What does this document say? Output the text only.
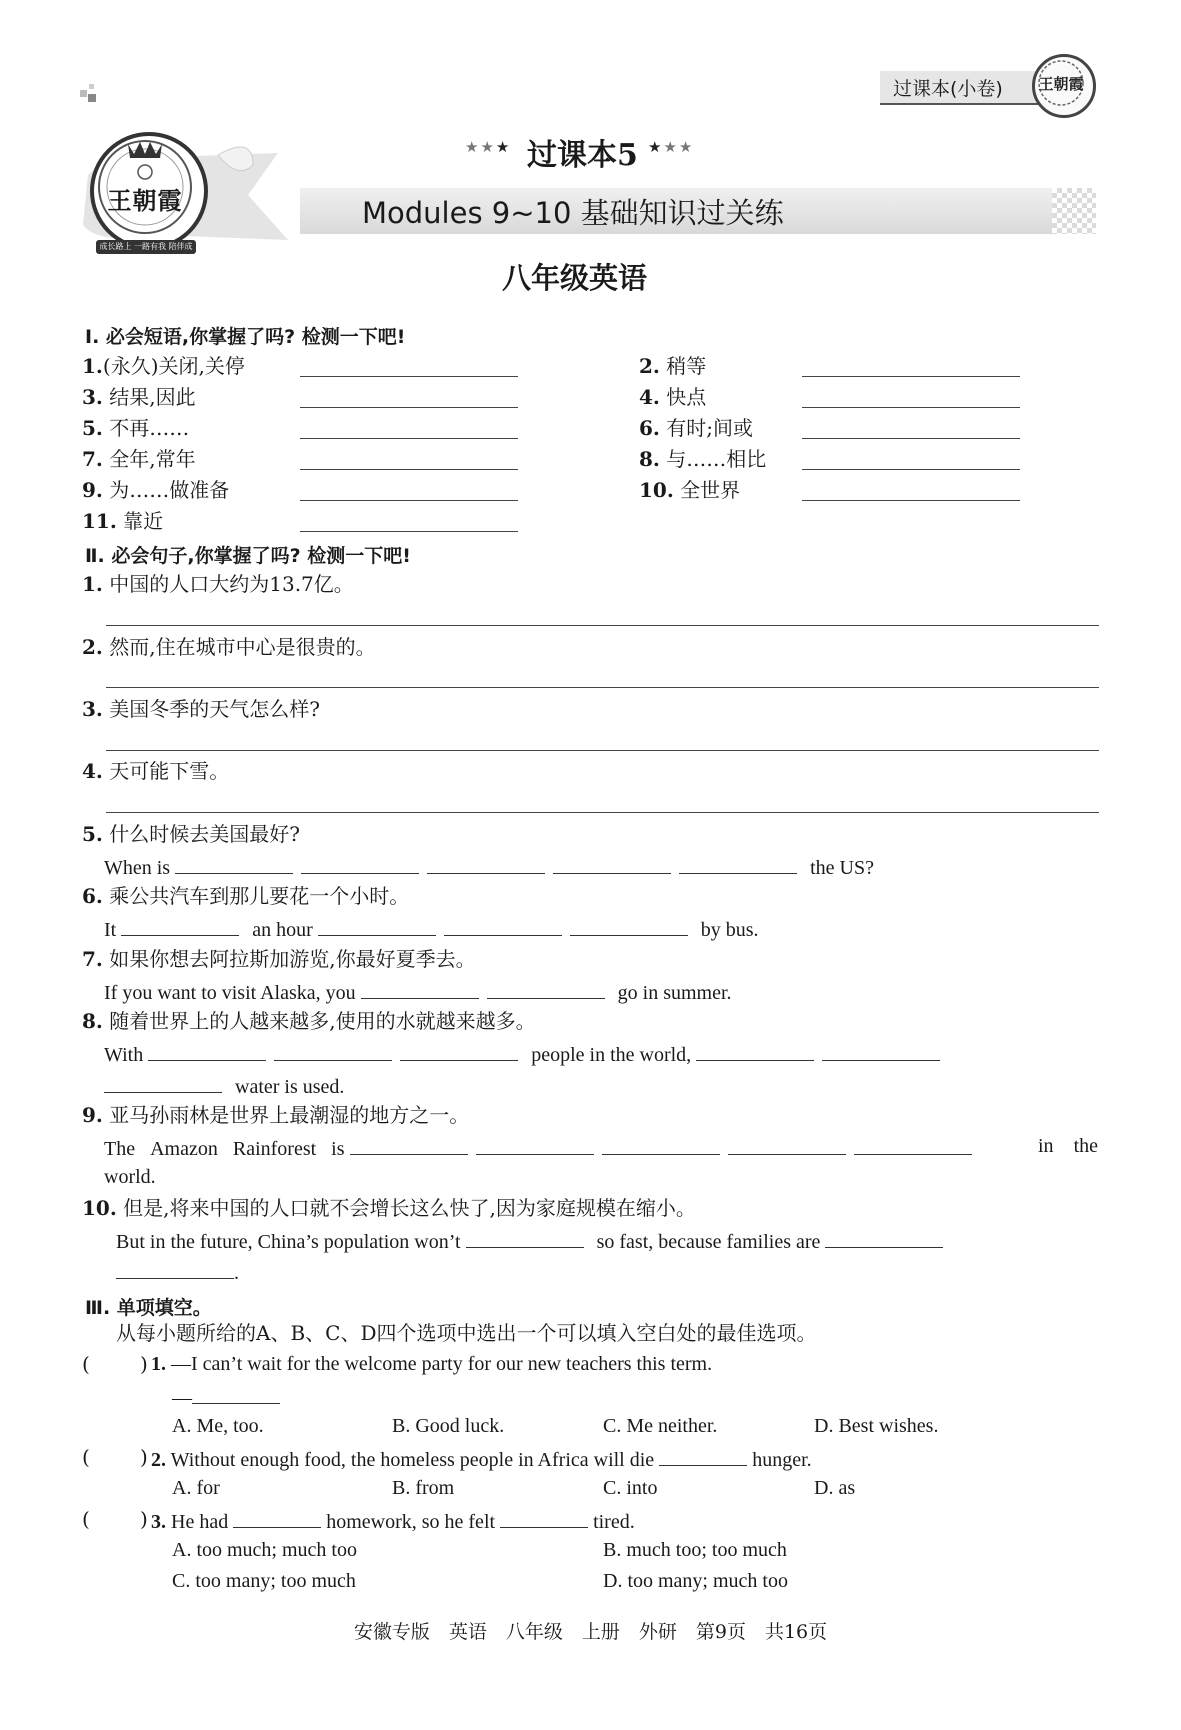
过课本(小卷) 王朝霞
王朝霞
成长路上 一路有我 陪伴成长
★★★ 过课本5 ★★★
Modules 9~10 基础知识过关练
八年级英语
Ⅰ. 必会短语,你掌握了吗? 检测一下吧!
1.(永久)关闭,关停	2. 稍等
3. 结果,因此	4. 快点
5. 不再……	6. 有时;间或
7. 全年,常年	8. 与……相比
9. 为……做准备	10. 全世界
11. 靠近
Ⅱ. 必会句子,你掌握了吗? 检测一下吧!
1. 中国的人口大约为13.7亿。
2. 然而,住在城市中心是很贵的。
3. 美国冬季的天气怎么样?
4. 天可能下雪。
5. 什么时候去美国最好?
When is	the US?
6. 乘公共汽车到那儿要花一个小时。
It	an hour	by bus.
7. 如果你想去阿拉斯加游览,你最好夏季去。
If you want to visit Alaska, you	go in summer.
8. 随着世界上的人越来越多,使用的水就越来越多。
With	people in the world,
water is used.
9. 亚马孙雨林是世界上最潮湿的地方之一。
The Amazon Rainforest is	in the
world.
10. 但是,将来中国的人口就不会增长这么快了,因为家庭规模在缩小。
But in the future, China’s population won’t	so fast, because families are
.
Ⅲ. 单项填空。
从每小题所给的A、B、C、D四个选项中选出一个可以填入空白处的最佳选项。
(	) 1. —I can’t wait for the welcome party for our new teachers this term.
—
A. Me, too.	B. Good luck.	C. Me neither.	D. Best wishes.
(	) 2. Without enough food, the homeless people in Africa will die	hunger.
A. for	B. from	C. into	D. as
(	) 3. He had	homework, so he felt	tired.
A. too much; much too	B. much too; too much
C. too many; too much	D. too many; much too
安徽专版　英语　八年级　上册　外研　第9页　共16页
